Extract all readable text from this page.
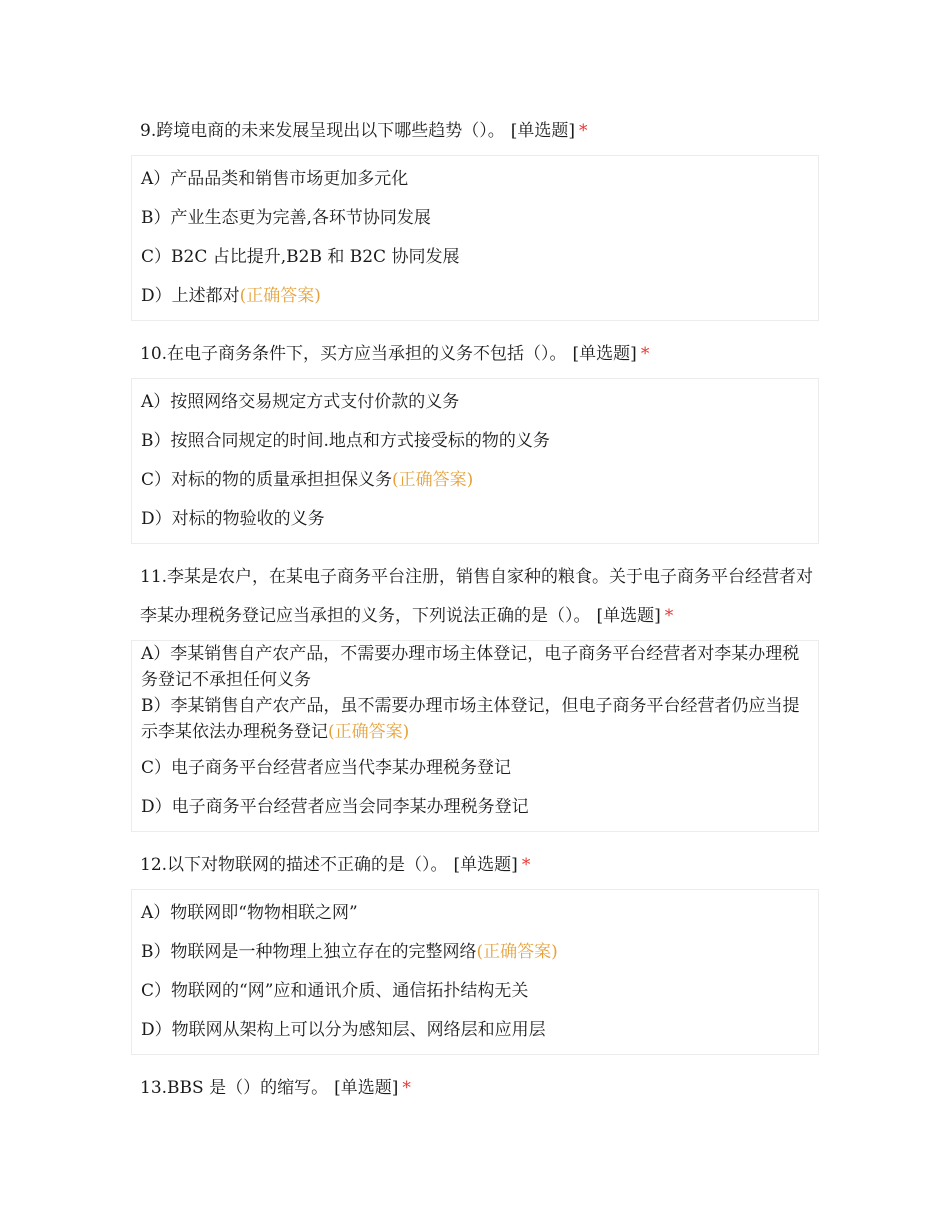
9.跨境电商的未来发展呈现出以下哪些趋势（）。 [单选题] *
A）产品品类和销售市场更加多元化
B）产业生态更为完善,各环节协同发展
C）B2C 占比提升,B2B 和 B2C 协同发展
D）上述都对(正确答案)
10.在电子商务条件下，买方应当承担的义务不包括（）。 [单选题] *
A）按照网络交易规定方式支付价款的义务
B）按照合同规定的时间.地点和方式接受标的物的义务
C）对标的物的质量承担担保义务(正确答案)
D）对标的物验收的义务
11.李某是农户，在某电子商务平台注册，销售自家种的粮食。关于电子商务平台经营者对李某办理税务登记应当承担的义务，下列说法正确的是（）。 [单选题] *
A）李某销售自产农产品，不需要办理市场主体登记，电子商务平台经营者对李某办理税务登记不承担任何义务
B）李某销售自产农产品，虽不需要办理市场主体登记，但电子商务平台经营者仍应当提示李某依法办理税务登记(正确答案)
C）电子商务平台经营者应当代李某办理税务登记
D）电子商务平台经营者应当会同李某办理税务登记
12.以下对物联网的描述不正确的是（）。 [单选题] *
A）物联网即“物物相联之网”
B）物联网是一种物理上独立存在的完整网络(正确答案)
C）物联网的“网”应和通讯介质、通信拓扑结构无关
D）物联网从架构上可以分为感知层、网络层和应用层
13.BBS 是（）的缩写。 [单选题] *
